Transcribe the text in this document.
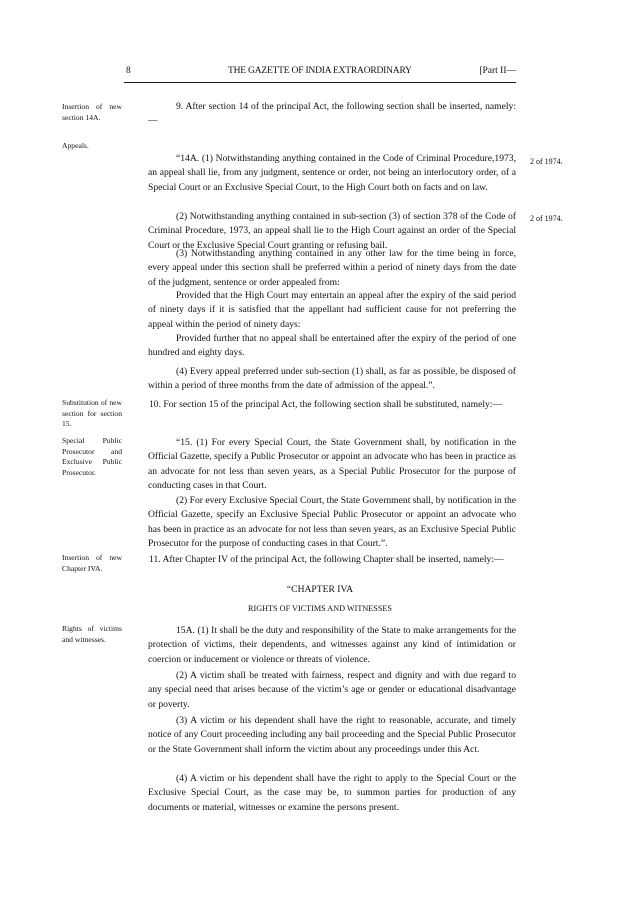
8	THE GAZETTE OF INDIA EXTRAORDINARY	[Part II—
Insertion of new section 14A.
Appeals.
Substitution of new section for section 15.
Special Public Prosecutor and Exclusive Public Prosecutor.
Insertion of new Chapter IVA.
Rights of victims and witnesses.
2 of 1974.
2 of 1974.
9. After section 14 of the principal Act, the following section shall be inserted, namely:—
“14A. (1) Notwithstanding anything contained in the Code of Criminal Procedure,1973, an appeal shall lie, from any judgment, sentence or order, not being an interlocutory order, of a Special Court or an Exclusive Special Court, to the High Court both on facts and on law.
(2) Notwithstanding anything contained in sub-section (3) of section 378 of the Code of Criminal Procedure, 1973, an appeal shall lie to the High Court against an order of the Special Court or the Exclusive Special Court granting or refusing bail.
(3) Notwithstanding anything contained in any other law for the time being in force, every appeal under this section shall be preferred within a period of ninety days from the date of the judgment, sentence or order appealed from:
Provided that the High Court may entertain an appeal after the expiry of the said period of ninety days if it is satisfied that the appellant had sufficient cause for not preferring the appeal within the period of ninety days:
Provided further that no appeal shall be entertained after the expiry of the period of one hundred and eighty days.
(4) Every appeal preferred under sub-section (1) shall, as far as possible, be disposed of within a period of three months from the date of admission of the appeal.”.
10. For section 15 of the principal Act, the following section shall be substituted, namely:—
“15. (1) For every Special Court, the State Government shall, by notification in the Official Gazette, specify a Public Prosecutor or appoint an advocate who has been in practice as an advocate for not less than seven years, as a Special Public Prosecutor for the purpose of conducting cases in that Court.
(2) For every Exclusive Special Court, the State Government shall, by notification in the Official Gazette, specify an Exclusive Special Public Prosecutor or appoint an advocate who has been in practice as an advocate for not less than seven years, as an Exclusive Special Public Prosecutor for the purpose of conducting cases in that Court.”.
11. After Chapter IV of the principal Act, the following Chapter shall be inserted, namely:—
“CHAPTER IVA
RIGHTS OF VICTIMS AND WITNESSES
15A. (1) It shall be the duty and responsibility of the State to make arrangements for the protection of victims, their dependents, and witnesses against any kind of intimidation or coercion or inducement or violence or threats of violence.
(2) A victim shall be treated with fairness, respect and dignity and with due regard to any special need that arises because of the victim’s age or gender or educational disadvantage or poverty.
(3) A victim or his dependent shall have the right to reasonable, accurate, and timely notice of any Court proceeding including any bail proceeding and the Special Public Prosecutor or the State Government shall inform the victim about any proceedings under this Act.
(4) A victim or his dependent shall have the right to apply to the Special Court or the Exclusive Special Court, as the case may be, to summon parties for production of any documents or material, witnesses or examine the persons present.
